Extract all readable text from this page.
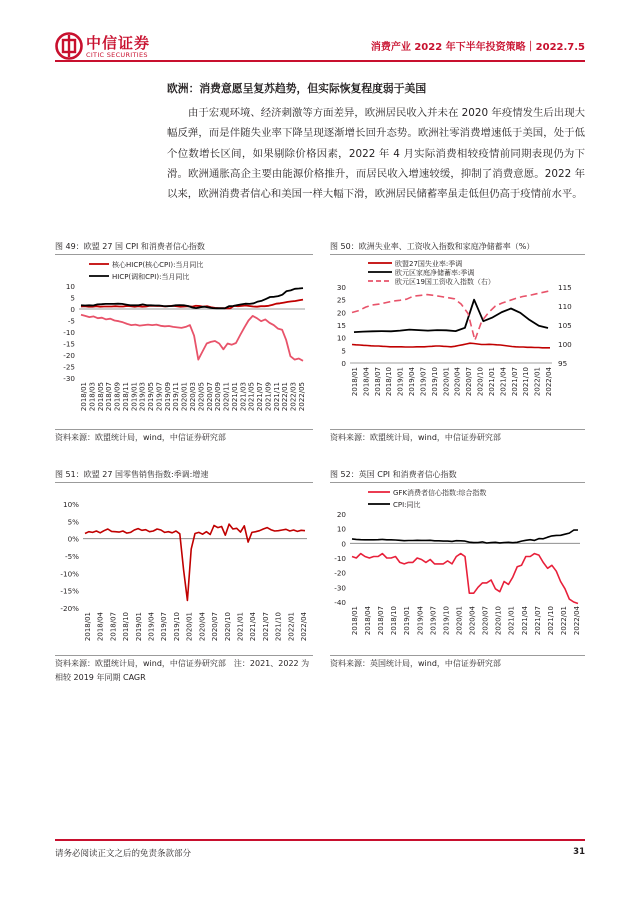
中信证券
CITIC SECURITIES
消费产业 2022 年下半年投资策略｜2022.7.5
欧洲：消费意愿呈复苏趋势，但实际恢复程度弱于美国
由于宏观环境、经济刺激等方面差异，欧洲居民收入并未在 2020 年疫情发生后出现大幅反弹，而是伴随失业率下降呈现逐渐增长回升态势。欧洲社零消费增速低于美国，处于低个位数增长区间，如果剔除价格因素，2022 年 4 月实际消费相较疫情前同期表现仍为下滑。欧洲通胀高企主要由能源价格推升，而居民收入增速较缓，抑制了消费意愿。2022 年以来，欧洲消费者信心和美国一样大幅下滑，欧洲居民储蓄率虽走低但仍高于疫情前水平。
图 49：欧盟 27 国 CPI 和消费者信心指数
10
5
0
-5
-10
-15
-20
-25
-30
2018/01 2018/03 2018/05 2018/07 2018/09 2018/11 2019/01 2019/03 2019/05 2019/07 2019/09 2019/11 2020/01 2020/03 2020/05 2020/07 2020/09 2020/11 2021/01 2021/03 2021/05 2021/07 2021/09 2021/11 2022/01 2022/03 2022/05
核心HICP(核心CPI):当月同比
HICP(调和CPI):当月同比
资料来源：欧盟统计局，wind，中信证券研究部
图 50：欧洲失业率、工资收入指数和家庭净储蓄率（%）
30
25
20
15
10
5
0
115
110
105
100
95
2018/01 2018/04 2018/07 2018/10 2019/01 2019/04 2019/07 2019/10 2020/01 2020/04 2020/07 2020/10 2021/01 2021/04 2021/07 2021/10 2022/01 2022/04
欧盟27国失业率:季调
欧元区家庭净储蓄率:季调
欧元区19国工资收入指数（右）
资料来源：欧盟统计局，wind，中信证券研究部
图 51：欧盟 27 国零售销售指数:季调:增速
10%
5%
0%
-5%
-10%
-15%
-20%
2018/01 2018/04 2018/07 2018/10 2019/01 2019/04 2019/07 2019/10 2020/01 2020/04 2020/07 2020/10 2021/01 2021/04 2021/07 2021/10 2022/01 2022/04
资料来源：欧盟统计局，wind，中信证券研究部　注：2021、2022 为相较 2019 年同期 CAGR
图 52：英国 CPI 和消费者信心指数
20
10
0
-10
-20
-30
-40
2018/01 2018/04 2018/07 2018/10 2019/01 2019/04 2019/07 2019/10 2020/01 2020/04 2020/07 2020/10 2021/01 2021/04 2021/07 2021/10 2022/01 2022/04
GFK消费者信心指数:综合指数
CPI:同比
资料来源：英国统计局，wind，中信证券研究部
请务必阅读正文之后的免责条款部分	31
